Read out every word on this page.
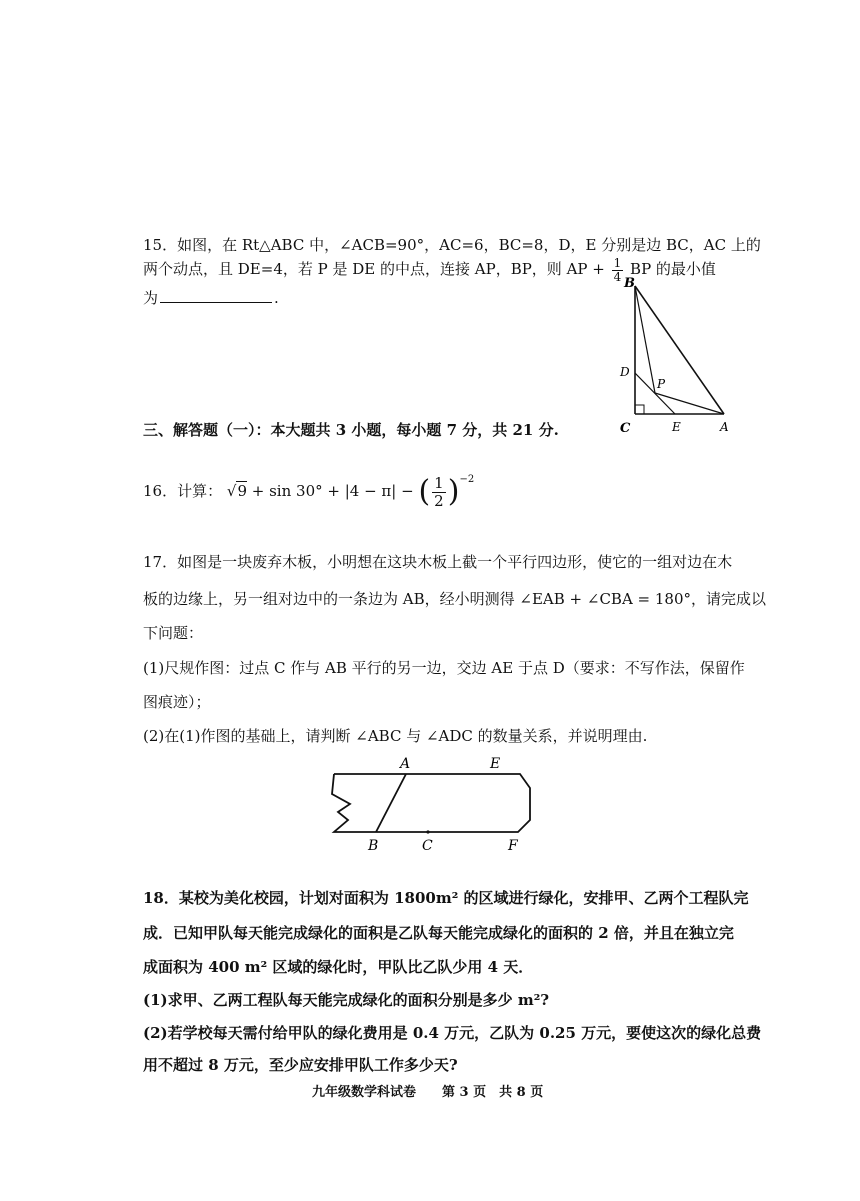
15．如图，在 Rt△ABC 中，∠ACB=90°，AC=6，BC=8，D，E 分别是边 BC，AC 上的
两个动点，且 DE=4，若 P 是 DE 的中点，连接 AP，BP，则 AP + $\frac{1}{4}$ BP 的最小值
为	.
B
D
P
C	E	A
三、解答题（一）：本大题共 3 小题，每小题 7 分，共 21 分.
16．计算： √9 + sin 30° + |4 − π| − ( $\frac{1}{2} )^{-2}$
17．如图是一块废弃木板，小明想在这块木板上截一个平行四边形，使它的一组对边在木
板的边缘上，另一组对边中的一条边为 AB，经小明测得 ∠EAB + ∠CBA = 180°，请完成以
下问题：
(1)尺规作图：过点 C 作与 AB 平行的另一边，交边 AE 于点 D（要求：不写作法，保留作
图痕迹）；
(2)在(1)作图的基础上，请判断 ∠ABC 与 ∠ADC 的数量关系，并说明理由.
A	E
B	C	F
18．某校为美化校园，计划对面积为 1800m² 的区域进行绿化，安排甲、乙两个工程队完
成．已知甲队每天能完成绿化的面积是乙队每天能完成绿化的面积的 2 倍，并且在独立完
成面积为 400 m² 区域的绿化时，甲队比乙队少用 4 天．
(1)求甲、乙两工程队每天能完成绿化的面积分别是多少 m²?
(2)若学校每天需付给甲队的绿化费用是 0.4 万元，乙队为 0.25 万元，要使这次的绿化总费
用不超过 8 万元，至少应安排甲队工作多少天?
九年级数学科试卷　　第 3 页　共 8 页
